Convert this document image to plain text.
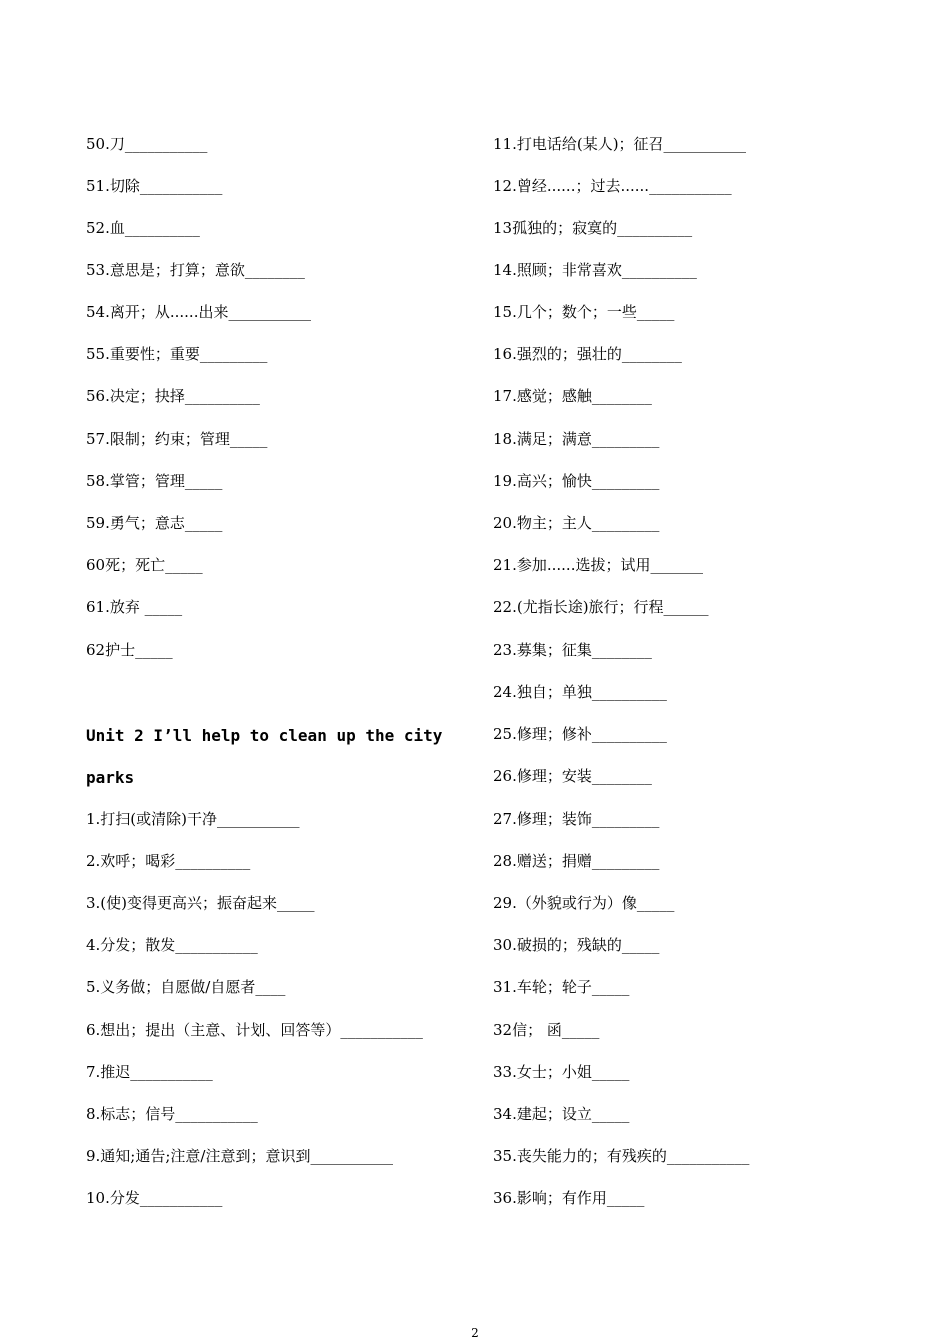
50.刀___________
51.切除___________
52.血__________
53.意思是；打算；意欲________
54.离开；从......出来___________
55.重要性；重要_________
56.决定；抉择__________
57.限制；约束；管理_____
58.掌管；管理_____
59.勇气；意志_____
60死；死亡_____
61.放弃 _____
62护士_____
Unit 2 I’ll help to clean up the city
parks
1.打扫(或清除)干净___________
2.欢呼；喝彩__________
3.(使)变得更高兴；振奋起来_____
4.分发；散发___________
5.义务做；自愿做/自愿者____
6.想出；提出（主意、计划、回答等）___________
7.推迟___________
8.标志；信号___________
9.通知;通告;注意/注意到；意识到___________
10.分发___________
11.打电话给(某人)；征召___________
12.曾经......；过去......___________
13孤独的；寂寞的__________
14.照顾；非常喜欢__________
15.几个；数个；一些_____
16.强烈的；强壮的________
17.感觉；感触________
18.满足；满意_________
19.高兴；愉快_________
20.物主；主人_________
21.参加......选拔；试用_______
22.(尤指长途)旅行；行程______
23.募集；征集________
24.独自；单独__________
25.修理；修补__________
26.修理；安装________
27.修理；装饰_________
28.赠送；捐赠_________
29.（外貌或行为）像_____
30.破损的；残缺的_____
31.车轮；轮子_____
32信； 函_____
33.女士；小姐_____
34.建起；设立_____
35.丧失能力的；有残疾的___________
36.影响；有作用_____
2
